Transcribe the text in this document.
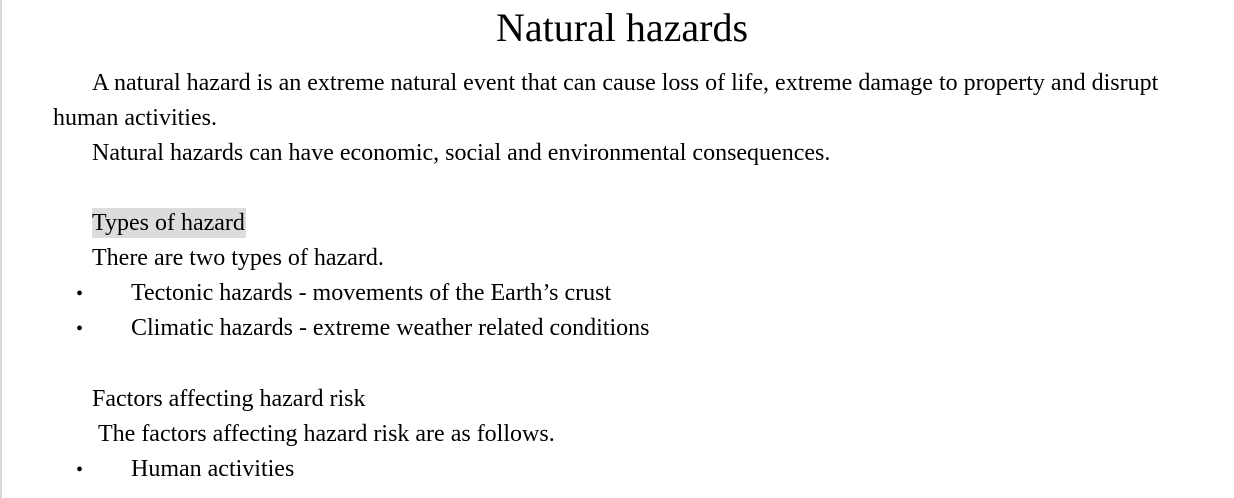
Natural hazards

A natural hazard is an extreme natural event that can cause loss of life, extreme damage to property and disrupt human activities.

Natural hazards can have economic, social and environmental consequences.

Types of hazard

There are two types of hazard.

• Tectonic hazards - movements of the Earth’s crust

• Climatic hazards - extreme weather related conditions

Factors affecting hazard risk

The factors affecting hazard risk are as follows.

• Human activities
